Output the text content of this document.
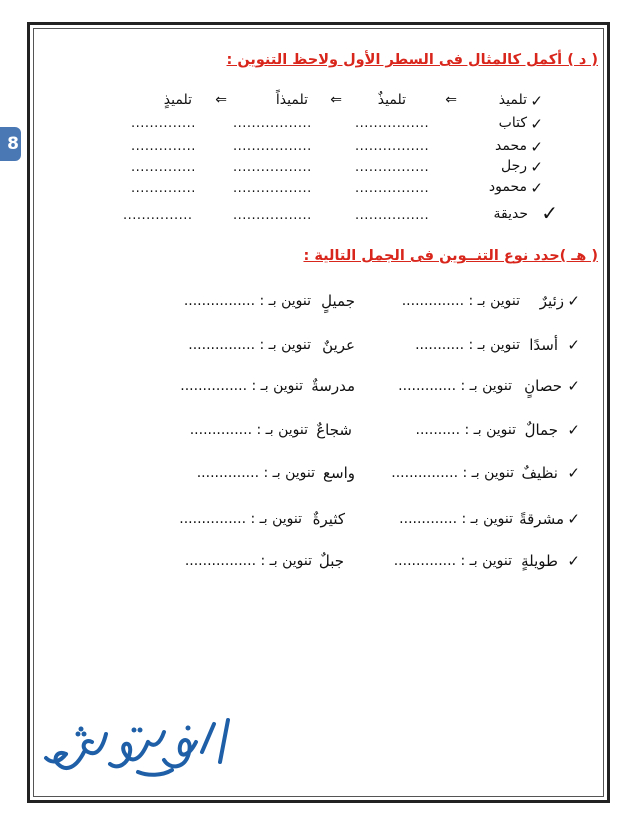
8
( د ) أكمل كالمثال فى السطر الأول ولاحظ التنوين :
✓
تلميذ
⇐
تلميذٌ
⇐
تلميذاً
⇐
تلميذٍ
✓
كتاب
................
.................
..............
✓
محمد
................
.................
..............
✓
رجل
................
.................
..............
✓
محمود
................
.................
..............
✓
حديقة
................
.................
...............
( هـ )حدد نوع التنــوين فى الجمل التالية :
✓
زئيرٌ
تنوين بـ : ..............
✓
أسدًا
تنوين بـ : ...........
✓
حصانٍ
تنوين بـ : .............
✓
جمالٌ
تنوين بـ : ..........
✓
نظيفٌ
تنوين بـ : ...............
✓
مشرقةً
تنوين بـ : .............
✓
طويلةٍ
تنوين بـ : ..............
جميلٍ
تنوين بـ : ................
عرينٌ
تنوين بـ : ...............
مدرسةٌ
تنوين بـ : ...............
شجاعٌ
تنوين بـ : ..............
واسع
تنوين بـ : ..............
كثيرةٌ
تنوين بـ : ...............
جبلٌ
تنوين بـ : ................
